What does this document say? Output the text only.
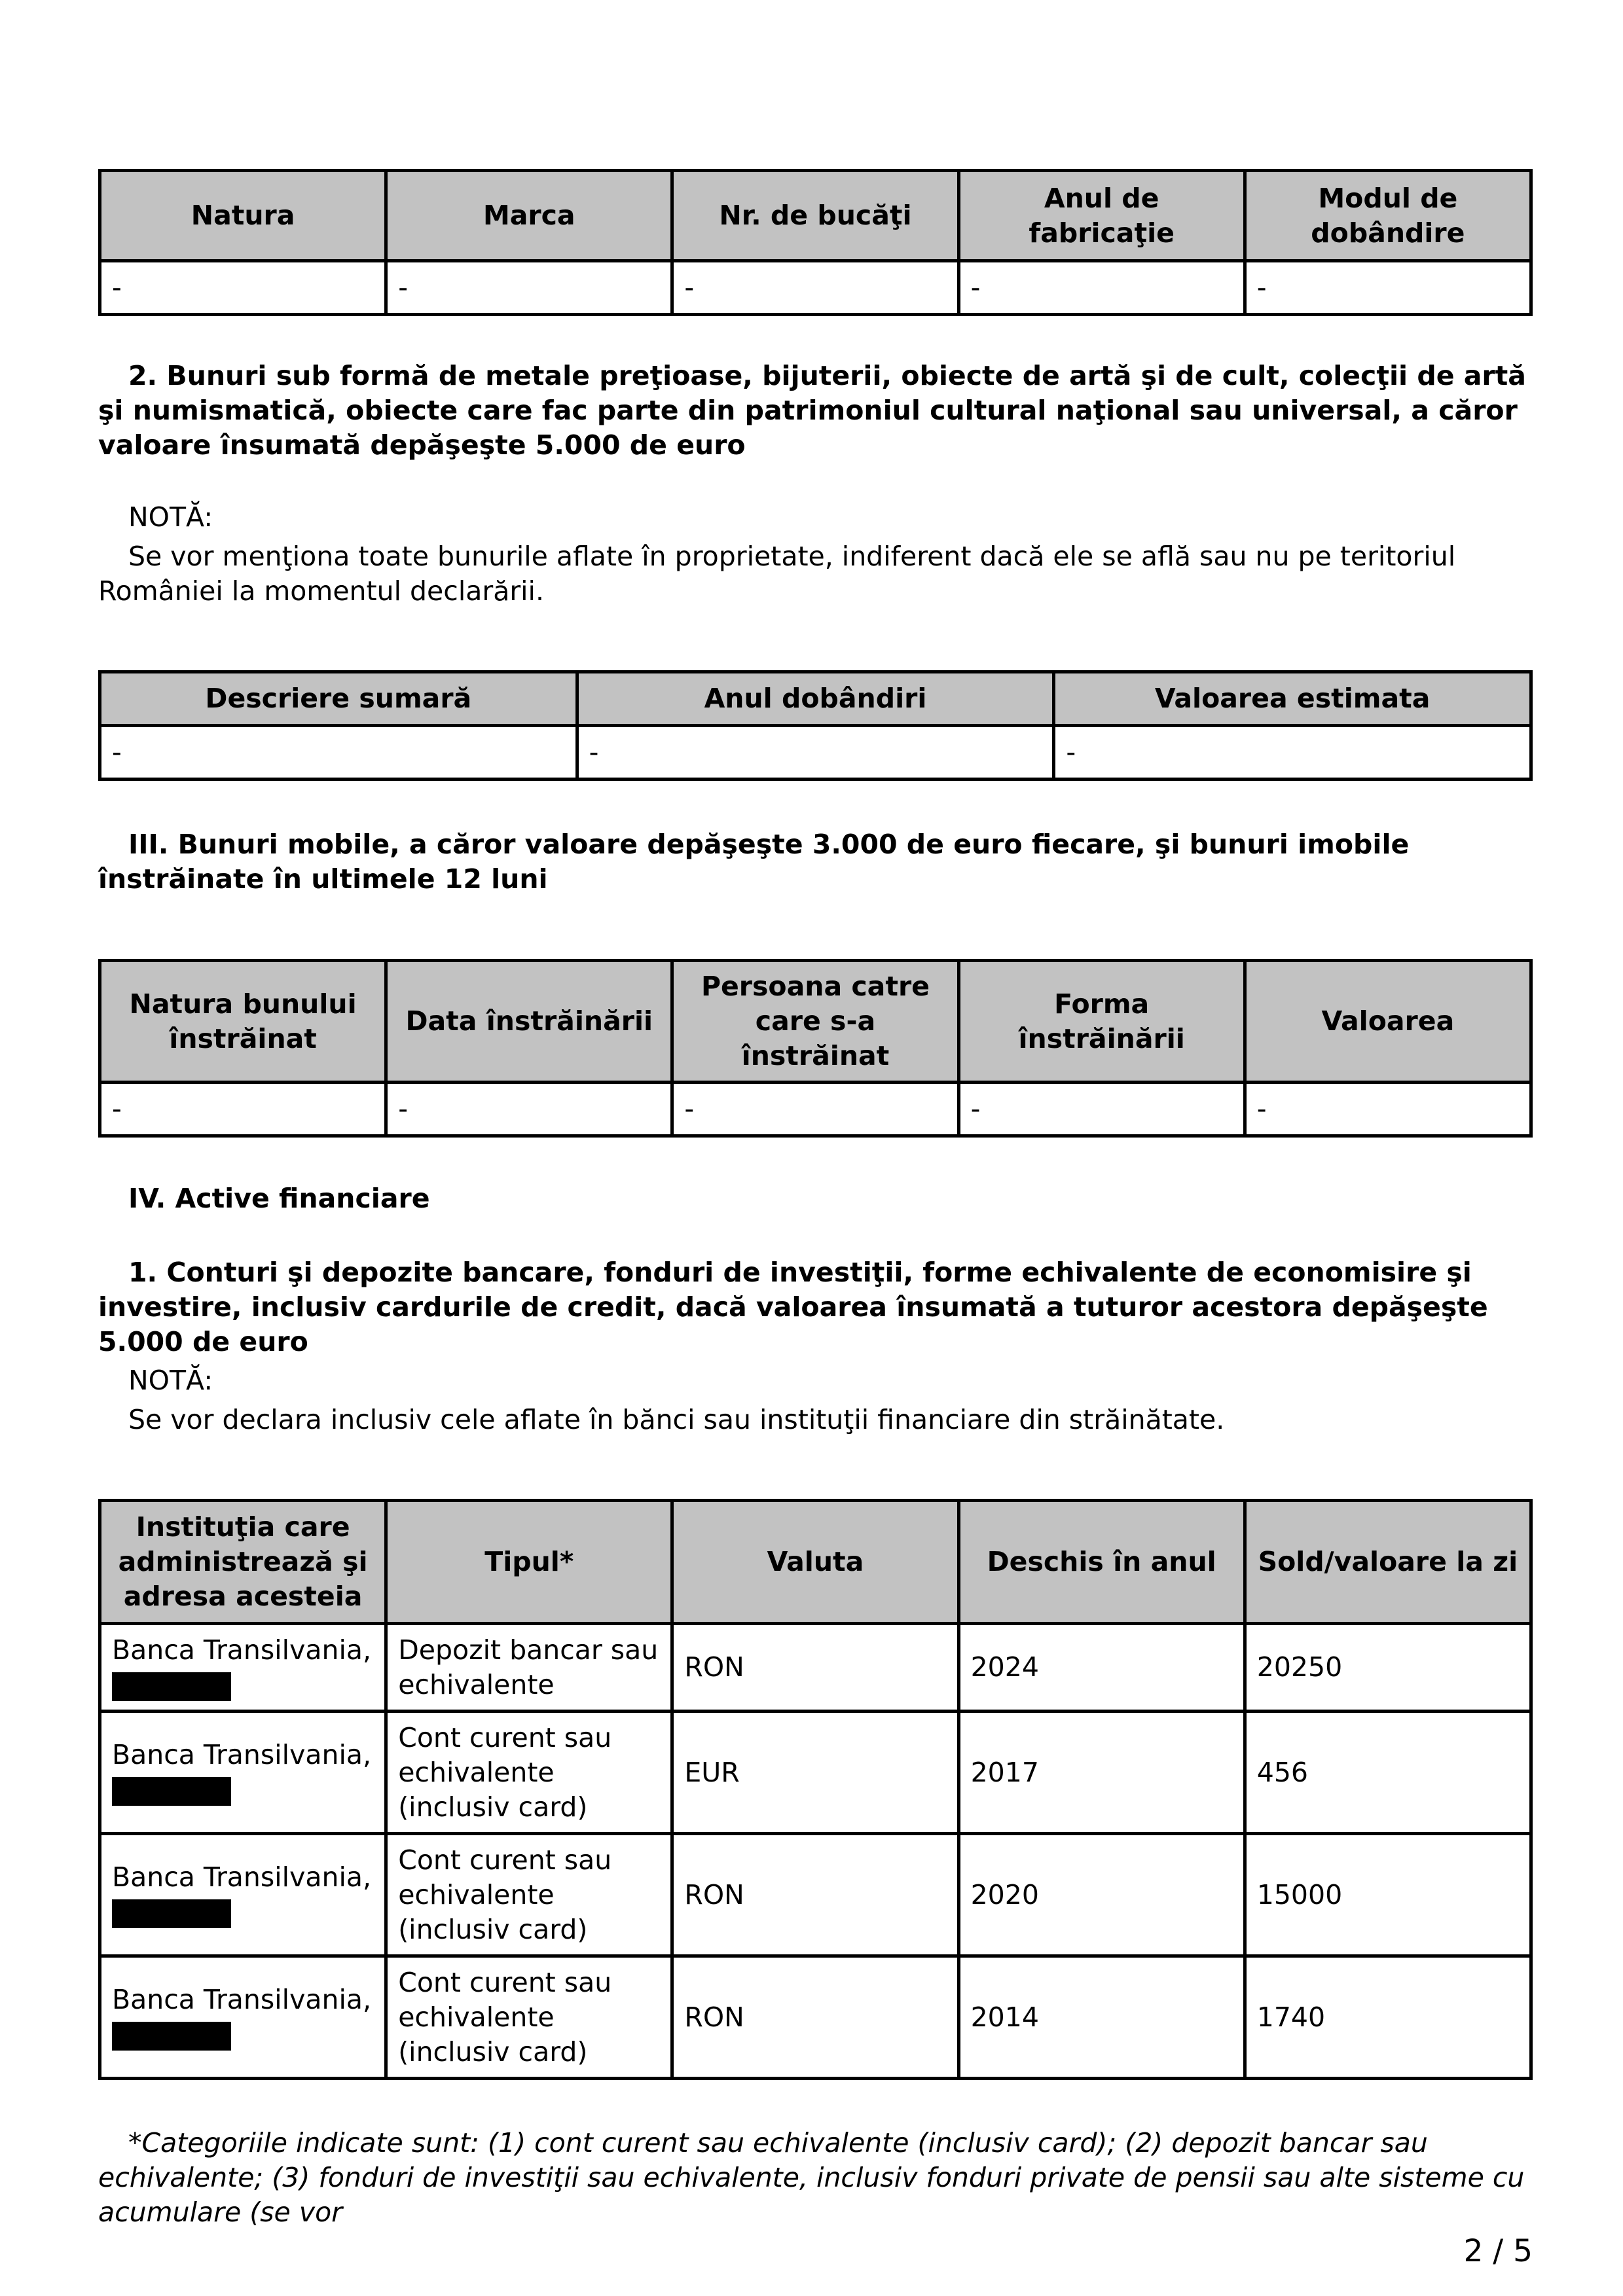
Natura	Marca	Nr. de bucăţi	Anul de fabricaţie	Modul de dobândire
-	-	-	-	-

2. Bunuri sub formă de metale preţioase, bijuterii, obiecte de artă şi de cult, colecţii de artă şi numismatică, obiecte care fac parte din patrimoniul cultural naţional sau universal, a căror valoare însumată depăşeşte 5.000 de euro

NOTĂ:

Se vor menţiona toate bunurile aflate în proprietate, indiferent dacă ele se află sau nu pe teritoriul României la momentul declarării.

Descriere sumară	Anul dobândiri	Valoarea estimata
-	-	-

III. Bunuri mobile, a căror valoare depăşeşte 3.000 de euro fiecare, şi bunuri imobile înstrăinate în ultimele 12 luni

Natura bunului înstrăinat	Data înstrăinării	Persoana catre care s-a înstrăinat	Forma înstrăinării	Valoarea
-	-	-	-	-

IV. Active financiare

1. Conturi şi depozite bancare, fonduri de investiţii, forme echivalente de economisire şi investire, inclusiv cardurile de credit, dacă valoarea însumată a tuturor acestora depăşeşte 5.000 de euro

NOTĂ:

Se vor declara inclusiv cele aflate în bănci sau instituţii financiare din străinătate.

Instituţia care administrează şi adresa acesteia	Tipul*	Valuta	Deschis în anul	Sold/valoare la zi
Banca Transilvania,	Depozit bancar sau echivalente	RON	2024	20250
Banca Transilvania,	Cont curent sau echivalente (inclusiv card)	EUR	2017	456
Banca Transilvania,	Cont curent sau echivalente (inclusiv card)	RON	2020	15000
Banca Transilvania,	Cont curent sau echivalente (inclusiv card)	RON	2014	1740

*Categoriile indicate sunt: (1) cont curent sau echivalente (inclusiv card); (2) depozit bancar sau echivalente; (3) fonduri de investiţii sau echivalente, inclusiv fonduri private de pensii sau alte sisteme cu acumulare (se vor

2 / 5
